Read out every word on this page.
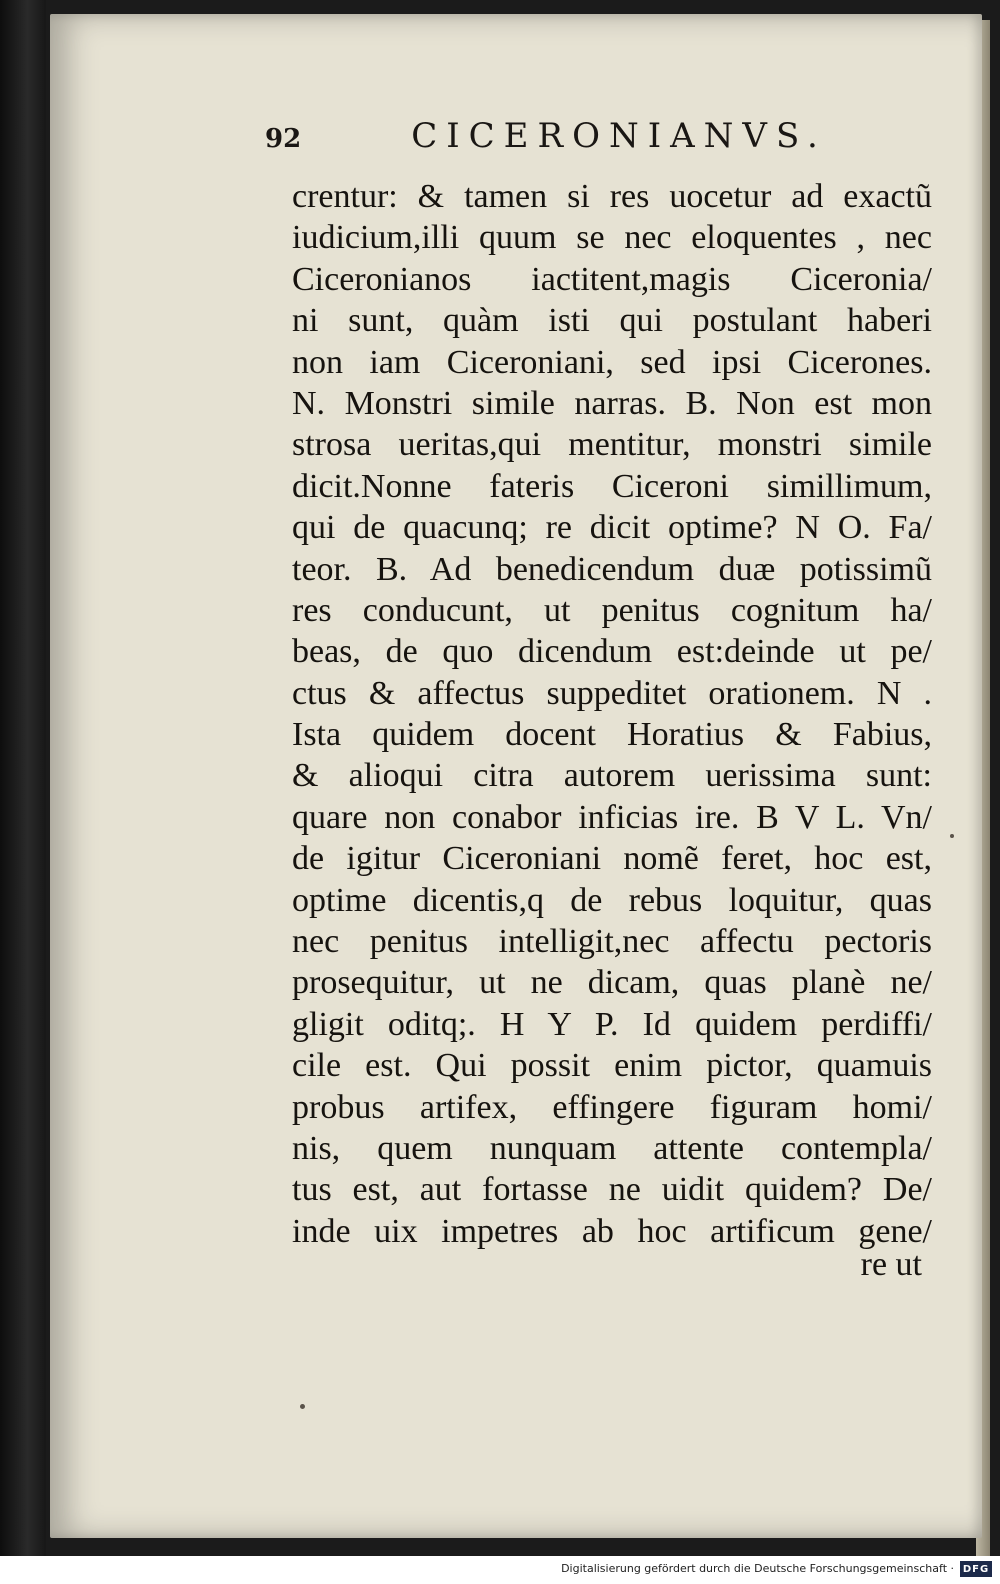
92	CICERONIANVS.
crentur: & tamen si res uocetur ad exactũ
iudicium,illi quum se nec eloquentes , nec
Ciceronianos iactitent,magis Ciceronia/
ni sunt, quàm isti qui postulant haberi
non iam Ciceroniani, sed ipsi Cicerones.
N. Monstri simile narras. B. Non est mon
strosa ueritas,qui mentitur, monstri simile
dicit.Nonne fateris Ciceroni simillimum,
qui de quacunq; re dicit optime? N O. Fa/
teor. B. Ad benedicendum duæ potissimũ
res conducunt, ut penitus cognitum ha/
beas, de quo dicendum est:deinde ut pe/
ctus & affectus suppeditet orationem. N .
Ista quidem docent Horatius & Fabius,
& alioqui citra autorem uerissima sunt:
quare non conabor inficias ire. B V L. Vn/
de igitur Ciceroniani nomẽ feret, hoc est,
optime dicentis,q de rebus loquitur, quas
nec penitus intelligit,nec affectu pectoris
prosequitur, ut ne dicam, quas planè ne/
gligit oditq;. H Y P. Id quidem perdiffi/
cile est. Qui possit enim pictor, quamuis
probus artifex, effingere figuram homi/
nis, quem nunquam attente contempla/
tus est, aut fortasse ne uidit quidem? De/
inde uix impetres ab hoc artificum gene/
re ut
Digitalisierung gefördert durch die Deutsche Forschungsgemeinschaft · DFG
